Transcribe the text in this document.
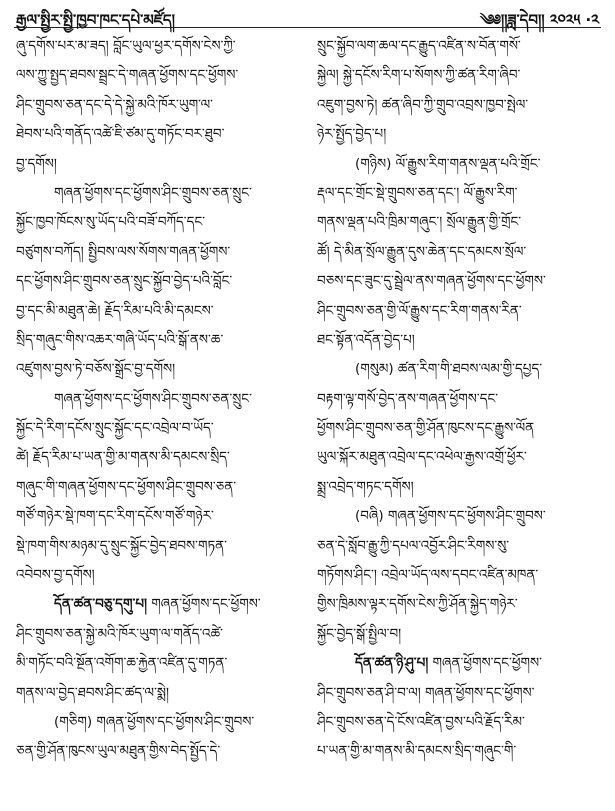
རྒྱལ་སྤྱིར་སྤྱི་ཁྱབ་ཁང་དཔེ་མཛོད།	༄༅།།ཟླ་དེབ།། ༢༠༢༥ ·༢
ཞུ་དགོས་པར་མ་ཟད། བློང་ཡུལ་ཕྱར་དགོས་ངེས་ཀྱི་
ལས་ཀྱུ་སྤྱད་ཐབས་སྦྲང་དེ་གཞན་ཕྱོགས་དང་ཕྱོགས་
ཤིང་གྲུབས་ཅན་དང་དེ་དེ་སྐྱེ་མའི་ཁོར་ཡུག་ལ་
ཐེབས་པའི་གནོད་འཚེ་ཇི་ཙམ་དུ་གཏོང་བར་ཐུབ་
བྱ་དགོས།
གཞན་ཕྱོགས་དང་ཕྱོགས་ཤིང་གྲུབས་ཅན་སྲུང་
སྐྱོང་ཁྱབ་ཁོངས་སུ་ཡོད་པའི་བཟོ་བཀོད་དང་
བཙུགས་བཀོད། སྤྱིབས་ལས་སོགས་གཞན་ཕྱོགས་
དང་ཕྱོགས་ཤིང་གྲུབས་ཅན་སྲུང་སྐྱོབ་བྱེད་པའི་བློང་
བྱ་དང་མི་མཐུན་ཆེ། རྗོད་རིམ་པའི་མི་དམངས་
སྲིད་གཞུང་གིས་འཆར་གཞི་ཡོད་པའི་སྒོ་ནས་ཆ་
འཛུགས་བྱས་ཏེ་བཅོས་སྒྲོང་བྱ་དགོས།
གཞན་ཕྱོགས་དང་ཕྱོགས་ཤིང་གྲུབས་ཅན་སྲུང་
སྐྱོང་དེ་རིག་དངོས་སྲུང་སྐྱོང་དང་འབྲེལ་བ་ཡོད་
ཚེ། རྗོད་རིམ་པ་ཡན་གྱི་མ་གནས་མི་དམངས་སྲིད་
གཞུང་གི་གཞན་ཕྱོགས་དང་ཕྱོགས་ཤིང་གྲུབས་ཅན་
གཙོ་གཉེར་སྡེ་ཁག་དང་རིག་དངོས་གཙོ་གཉེར་
སྡེ་ཁག་གིས་མཉམ་དུ་སྲུང་སྐྱོང་བྱེད་ཐབས་གཏན་
འབེབས་བྱ་དགོས།
དོན་ཚན་བཅུ་དགུ་པ། གཞན་ཕྱོགས་དང་ཕྱོགས་
ཤིང་གྲུབས་ཅན་སྐྱེ་མའི་ཁོར་ཡུག་ལ་གནོད་འཚེ་
མི་གཏོང་བའི་སྔོན་འགོག་ཆ་རྐྱེན་འཛིན་དུ་གཏན་
གནས་ལ་བྱེད་ཐབས་ཤིང་ཚད་ལ་སྨེ།
(གཅིག) གཞན་ཕྱོགས་དང་ཕྱོགས་ཤིང་གྲུབས་
ཅན་གྱི་ཤོན་ཁུངས་ཡུལ་མཐུན་གྱིས་བེད་སྤྱོད་དེ་
སྲུང་སྐྱོབ་ལག་ཆལ་དང་རྒྱུད་འཛིན་ས་བོན་གསོ་
སྐྱེལ། སྐྱེ་དངོས་རིག་པ་སོགས་ཀྱི་ཚན་རིག་ཞིབ་
འཇུག་བྱས་ཏེ། ཚན་ཞིབ་ཀྱི་གྲུབ་འབྲས་ཁྱབ་སྤེལ་
ཉེར་སྤྱོད་བྱེད་པ།
(གཉིས) ལོ་རྒྱུས་རིག་གནས་ལྡན་པའི་གྲོང་
རྡལ་དང་གྲོང་སྡེ་གྲུབས་ཅན་དང་། ལོ་རྒྱུས་རིག་
གནས་ལྡན་པའི་ཁྲིམ་གཞུང་། སྲོལ་རྒྱུན་གྱི་གྲོང་
ཚོ། དེ་མིན་སྲོལ་རྒྱུན་དུས་ཆེན་དང་དམངས་སྲོལ་
བཅས་དང་ཟུང་དུ་སྦྲེལ་ནས་གཞན་ཕྱོགས་དང་ཕྱོགས་
ཤིང་གྲུབས་ཅན་གྱི་ལོ་རྒྱུས་དང་རིག་གནས་རིན་
ཐང་སྟོན་འདོན་བྱེད་པ།
(གསུམ) ཚན་རིག་གི་ཐབས་ལམ་གྱི་དཔྱད་
བརྟག་ལྟ་གསོ་བྱེད་ནས་གཞན་ཕྱོགས་དང་
ཕྱོགས་ཤིང་གྲུབས་ཅན་གྱི་ཤོན་ཁུངས་དང་རྒྱུས་ལོན
ཡུལ་སྐོར་མཐུན་འབྲེལ་དང་འཕེལ་རྒྱས་འགྲོ་ཕྱོར་
སྨྲ་འབྲེད་གཏང་དགོས།
(བཞི) གཞན་ཕྱོགས་དང་ཕྱོགས་ཤིང་གྲུབས་
ཅན་དེ་སློབ་རྒྱུ་ཀྱི་དཔལ་འབྱོར་ཤིང་རིགས་སུ་
གཏོགས་ཤིང་། འབྲེལ་ཡོད་ལས་དབང་འཛིན་མཁན་
གྱིས་ཁྲིམས་ལྟར་དགོས་ངེས་ཀྱི་ཤོན་སྐྱེད་གཉེར་
སྐྱོང་བྱེད་སྒོ་སྤྱིལ་བ།
དོན་ཚན་ཉི་ཤུ་པ། གཞན་ཕྱོགས་དང་ཕྱོགས་
ཤིང་གྲུབས་ཅན་ཤི་བ་ལ། གཞན་ཕྱོགས་དང་ཕྱོགས་
ཤིང་གྲུབས་ཅན་དེ་ངོས་འཛིན་བྱས་པའི་རྗོད་རིམ་
པ་ཡན་གྱི་མ་གནས་མི་དམངས་སྲིད་གཞུང་གི་
